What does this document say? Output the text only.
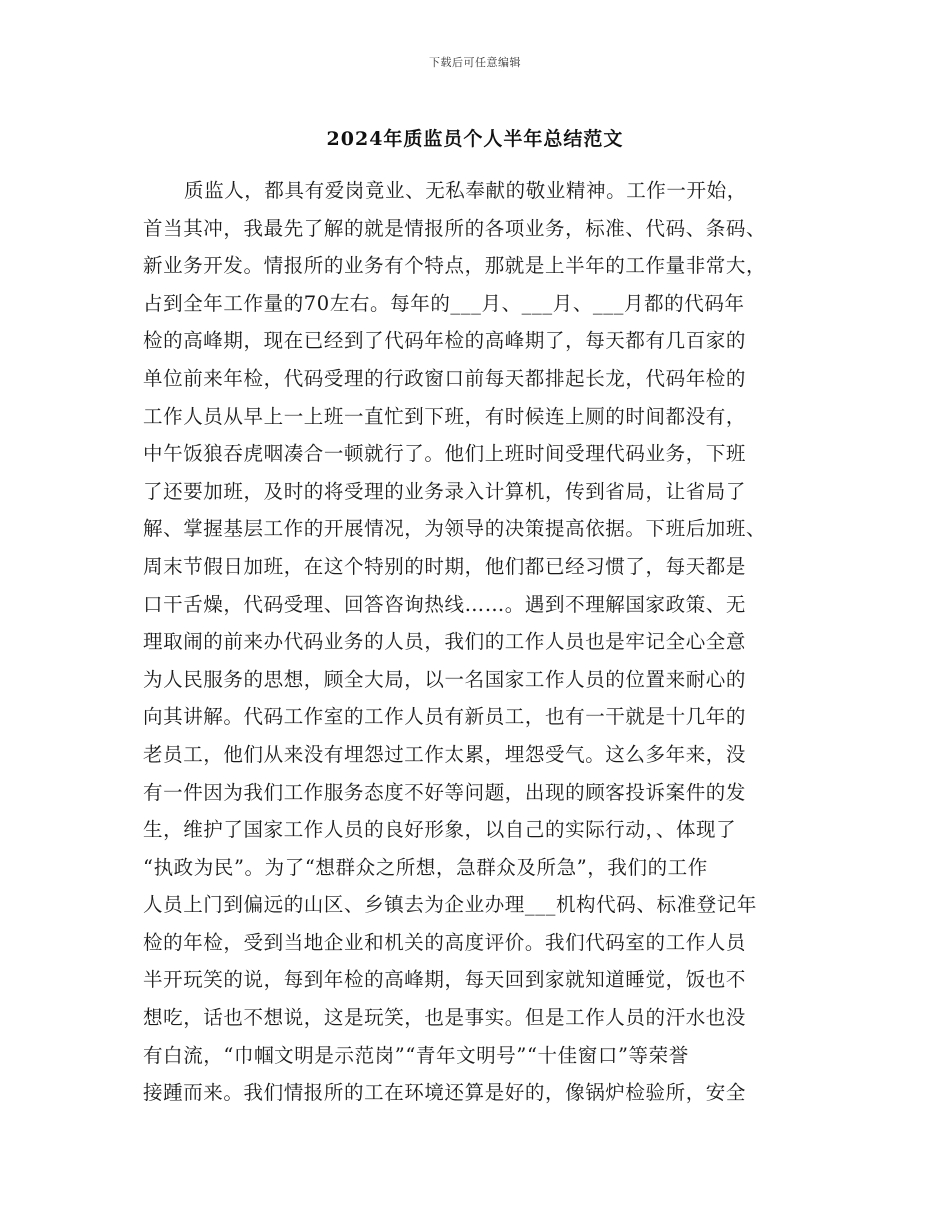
下载后可任意编辑
2024年质监员个人半年总结范文
质监人，都具有爱岗竟业、无私奉献的敬业精神。工作一开始，
首当其冲，我最先了解的就是情报所的各项业务，标准、代码、条码、
新业务开发。情报所的业务有个特点，那就是上半年的工作量非常大，
占到全年工作量的70左右。每年的___月、___月、___月都的代码年
检的高峰期，现在已经到了代码年检的高峰期了，每天都有几百家的
单位前来年检，代码受理的行政窗口前每天都排起长龙，代码年检的
工作人员从早上一上班一直忙到下班，有时候连上厕的时间都没有，
中午饭狼吞虎咽凑合一顿就行了。他们上班时间受理代码业务，下班
了还要加班，及时的将受理的业务录入计算机，传到省局，让省局了
解、掌握基层工作的开展情况，为领导的决策提高依据。下班后加班、
周末节假日加班，在这个特别的时期，他们都已经习惯了，每天都是
口干舌燥，代码受理、回答咨询热线……。遇到不理解国家政策、无
理取闹的前来办代码业务的人员，我们的工作人员也是牢记全心全意
为人民服务的思想，顾全大局，以一名国家工作人员的位置来耐心的
向其讲解。代码工作室的工作人员有新员工，也有一干就是十几年的
老员工，他们从来没有埋怨过工作太累，埋怨受气。这么多年来，没
有一件因为我们工作服务态度不好等问题，出现的顾客投诉案件的发
生，维护了国家工作人员的良好形象，以自己的实际行动，、体现了
“执政为民”。为了“想群众之所想，急群众及所急”，我们的工作
人员上门到偏远的山区、乡镇去为企业办理___机构代码、标准登记年
检的年检，受到当地企业和机关的高度评价。我们代码室的工作人员
半开玩笑的说，每到年检的高峰期，每天回到家就知道睡觉，饭也不
想吃，话也不想说，这是玩笑，也是事实。但是工作人员的汗水也没
有白流，“巾帼文明是示范岗”“青年文明号”“十佳窗口”等荣誉
接踵而来。我们情报所的工在环境还算是好的，像锅炉检验所，安全
